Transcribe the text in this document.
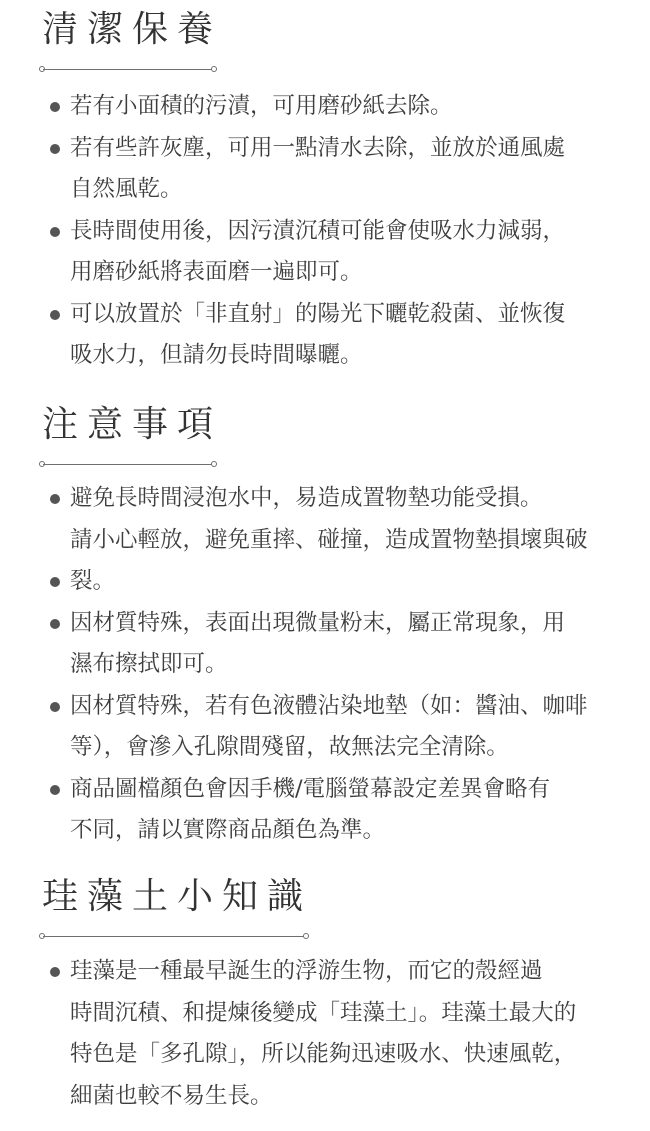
清潔保養
若有小面積的污漬，可用磨砂紙去除。
若有些許灰塵，可用一點清水去除，並放於通風處
自然風乾。
長時間使用後，因污漬沉積可能會使吸水力減弱，
用磨砂紙將表面磨一遍即可。
可以放置於「非直射」的陽光下曬乾殺菌、並恢復
吸水力，但請勿長時間曝曬。
注意事項
避免長時間浸泡水中，易造成置物墊功能受損。
請小心輕放，避免重摔、碰撞，造成置物墊損壞與破
裂。
因材質特殊，表面出現微量粉末，屬正常現象，用
濕布擦拭即可。
因材質特殊，若有色液體沾染地墊（如：醬油、咖啡
等），會滲入孔隙間殘留，故無法完全清除。
商品圖檔顏色會因手機/電腦螢幕設定差異會略有
不同，請以實際商品顏色為準。
珪藻土小知識
珪藻是一種最早誕生的浮游生物，而它的殼經過
時間沉積、和提煉後變成「珪藻土」。珪藻土最大的
特色是「多孔隙」，所以能夠迅速吸水、快速風乾，
細菌也較不易生長。
